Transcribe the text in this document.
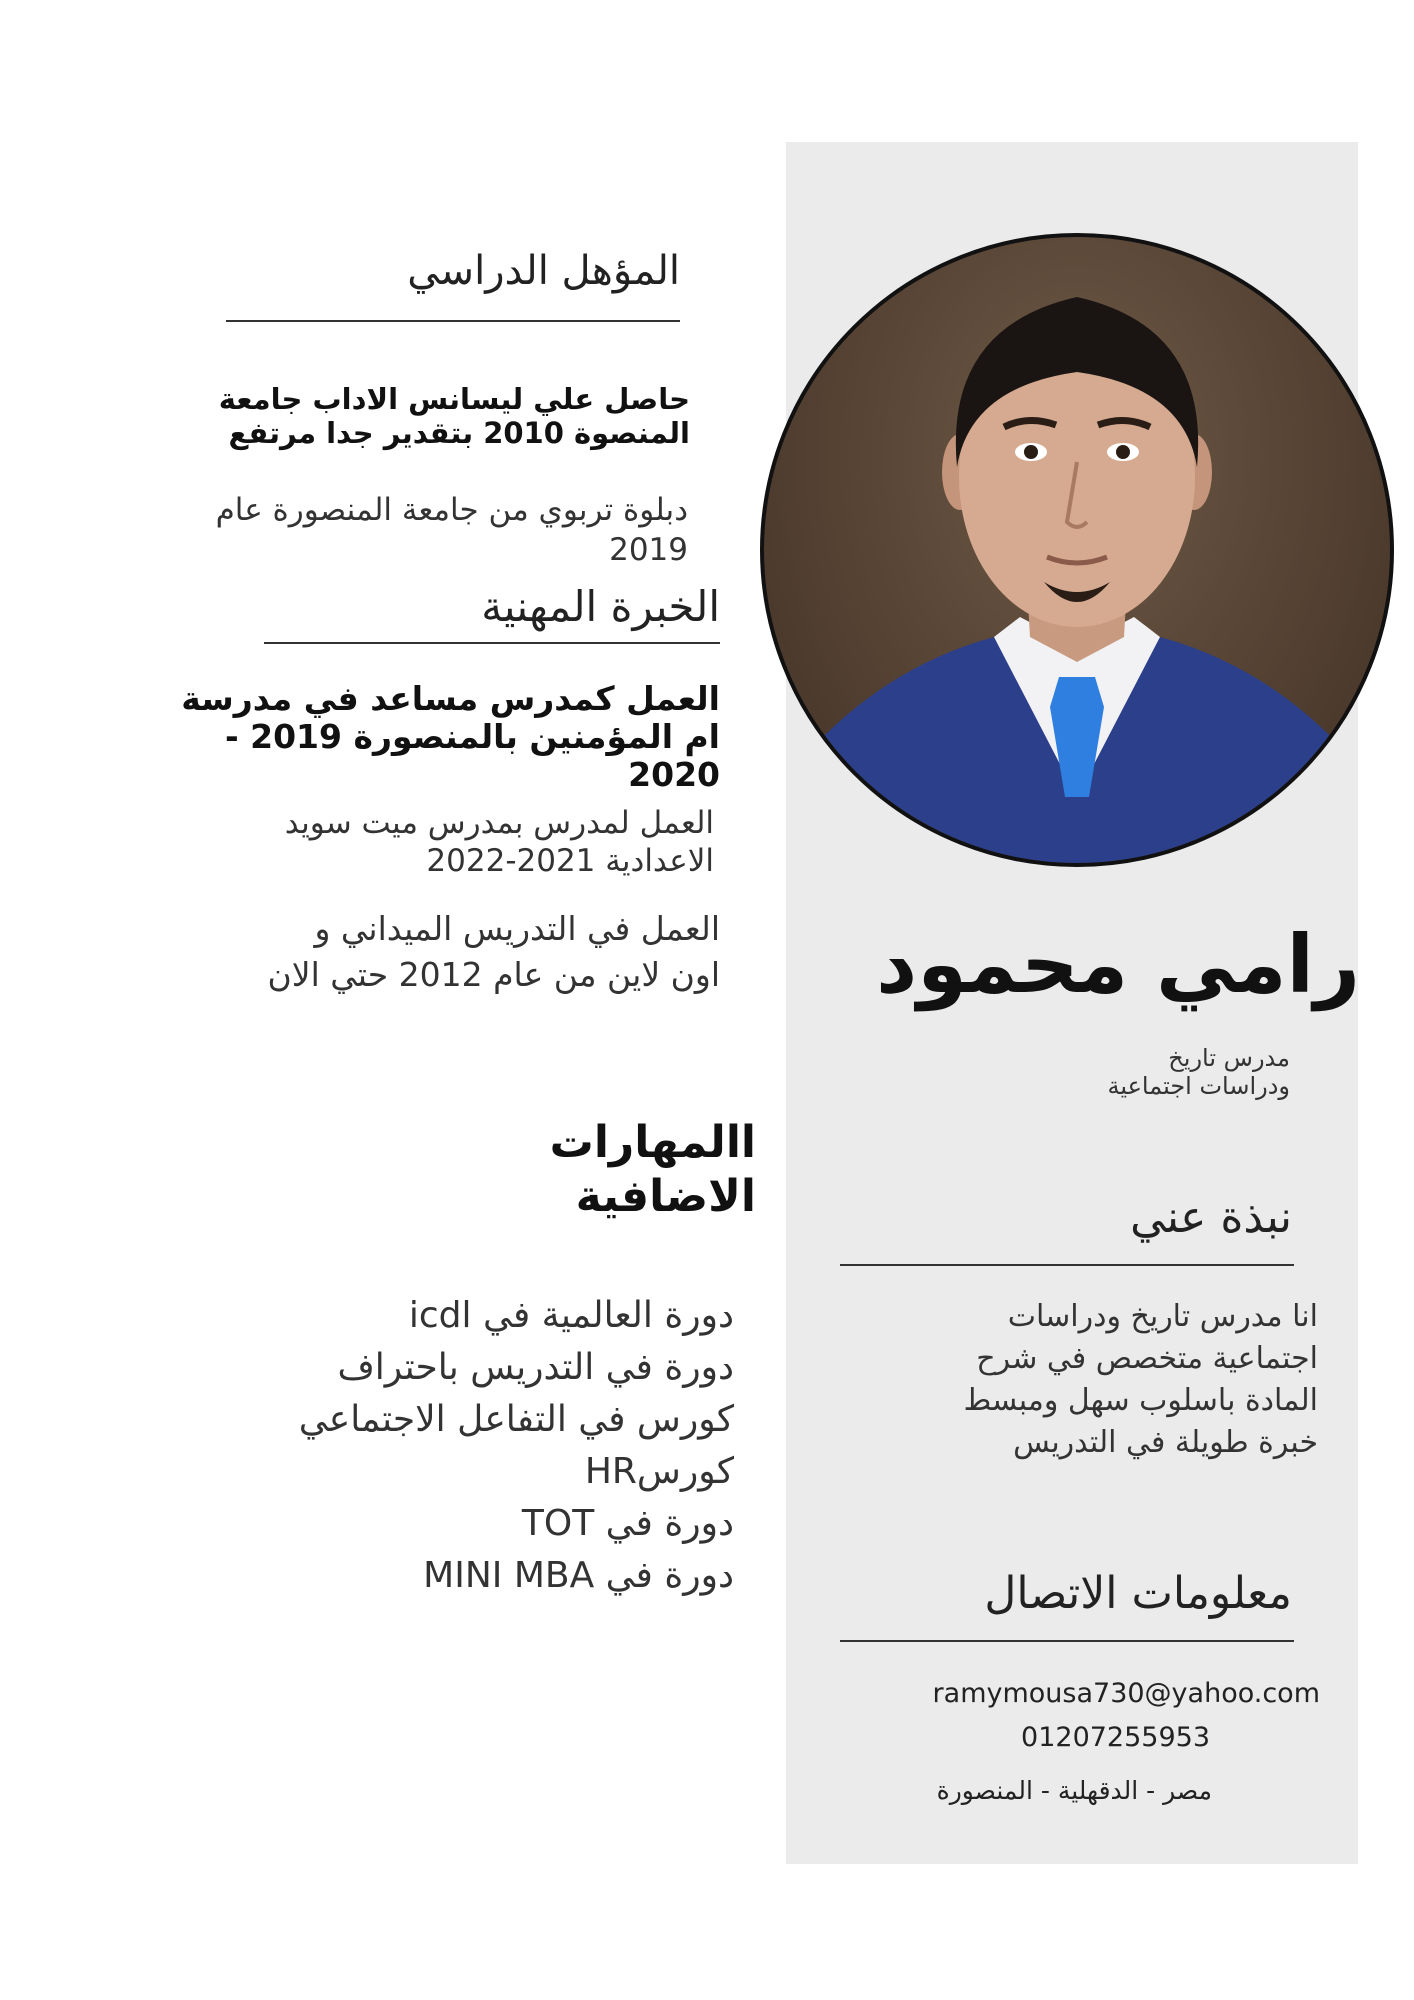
رامي محمود
مدرس تاريخ
ودراسات اجتماعية
نبذة عني
انا مدرس تاريخ ودراسات
اجتماعية متخصص في شرح
المادة باسلوب سهل ومبسط
خبرة طويلة في التدريس
معلومات الاتصال
ramymousa730@yahoo.com
01207255953
مصر - الدقهلية - المنصورة
المؤهل الدراسي
حاصل علي ليسانس الاداب جامعة
المنصوة 2010 بتقدير جدا مرتفع
دبلوة تربوي من جامعة المنصورة عام
2019
الخبرة المهنية
العمل كمدرس مساعد في مدرسة
ام المؤمنين بالمنصورة 2019 -
2020
العمل لمدرس بمدرس ميت سويد
الاعدادية 2021-2022
العمل في التدريس الميداني و
اون لاين من عام 2012 حتي الان
االمهارات
الاضافية
دورة العالمية في icdl
دورة في التدريس باحتراف
كورس في التفاعل الاجتماعي
كورسHR
دورة في TOT
دورة في MINI MBA
